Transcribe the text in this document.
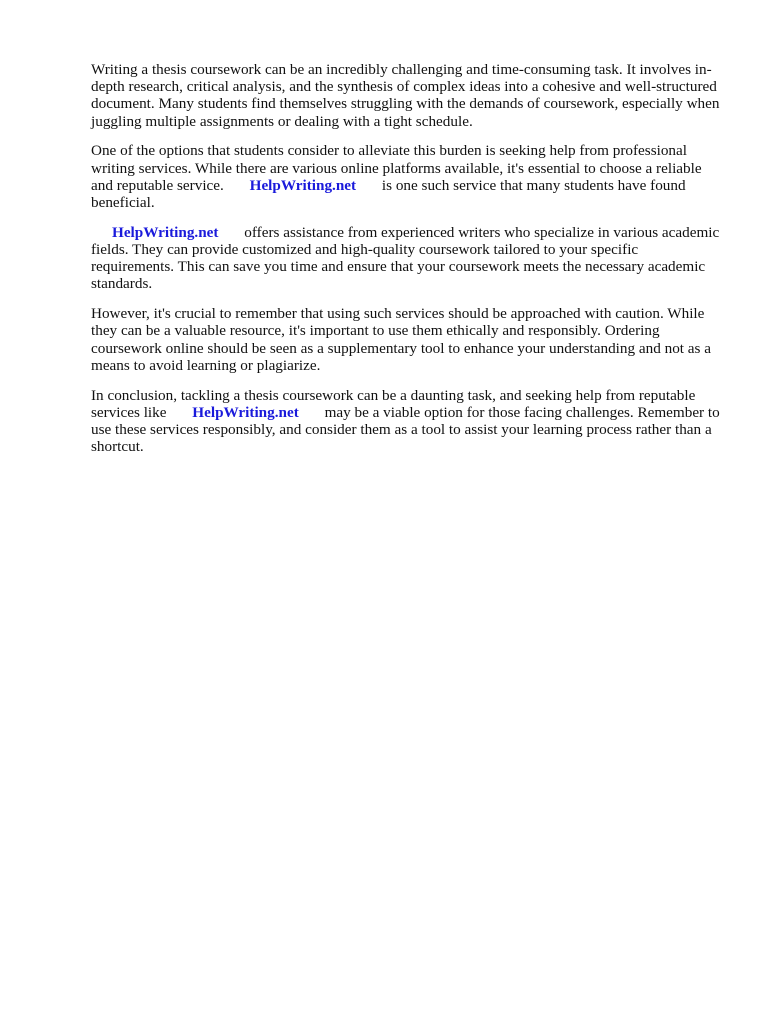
Writing a thesis coursework can be an incredibly challenging and time-consuming task. It involves in-depth research, critical analysis, and the synthesis of complex ideas into a cohesive and well-structured document. Many students find themselves struggling with the demands of coursework, especially when juggling multiple assignments or dealing with a tight schedule.

One of the options that students consider to alleviate this burden is seeking help from professional writing services. While there are various online platforms available, it's essential to choose a reliable and reputable service. HelpWriting.net is one such service that many students have found beneficial.

HelpWriting.net offers assistance from experienced writers who specialize in various academic fields. They can provide customized and high-quality coursework tailored to your specific requirements. This can save you time and ensure that your coursework meets the necessary academic standards.

However, it's crucial to remember that using such services should be approached with caution. While they can be a valuable resource, it's important to use them ethically and responsibly. Ordering coursework online should be seen as a supplementary tool to enhance your understanding and not as a means to avoid learning or plagiarize.

In conclusion, tackling a thesis coursework can be a daunting task, and seeking help from reputable services like HelpWriting.net may be a viable option for those facing challenges. Remember to use these services responsibly, and consider them as a tool to assist your learning process rather than a shortcut.
